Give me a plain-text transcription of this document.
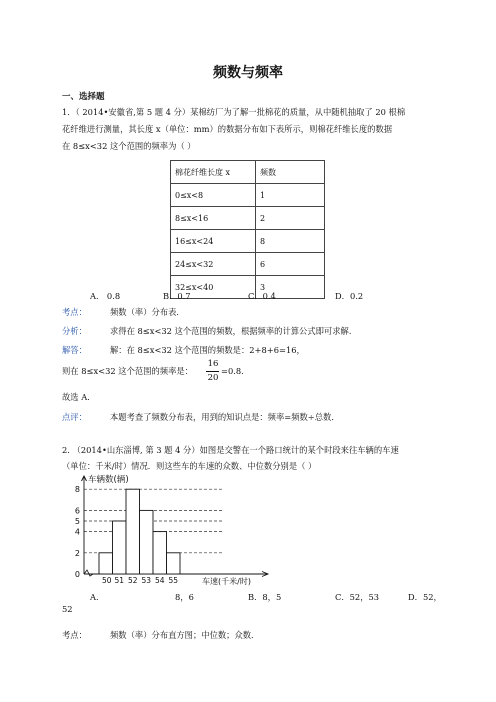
频数与频率
一、选择题
1．（ 2014•安徽省,第 5 题 4 分）某棉纺厂为了解一批棉花的质量，从中随机抽取了 20 根棉
花纤维进行测量，其长度 x（单位：mm）的数据分布如下表所示，则棉花纤维长度的数据
在 8≤x<32 这个范围的频率为（ ）
棉花纤维长度 x	频数
0≤x<8	1
8≤x<16	2
16≤x<24	8
24≤x<32	6
32≤x<40	3
A． 0.8	B．0.7	C．0.4	D．0.2
考点：	频数（率）分布表．
分析：	求得在 8≤x<32 这个范围的频数，根据频率的计算公式即可求解．
解答：	解：在 8≤x<32 这个范围的频数是：2+8+6=16，
则在 8≤x<32 这个范围的频率是：
16
20
=0.8．
故选 A．
点评：	本题考查了频数分布表，用到的知识点是：频率=频数÷总数．
2. （2014•山东淄博, 第 3 题 4 分）如图是交警在一个路口统计的某个时段来往车辆的车速
（单位：千米/时）情况．则这些车的车速的众数、中位数分别是（ ）
0
2
4
5
6
8
50 51 52 53 54 55
车辆数(辆)
车速(千米/时)
A．	8，6	B．8，5	C．52，53	D．52，
52
考点：	频数（率）分布直方图；中位数；众数．
